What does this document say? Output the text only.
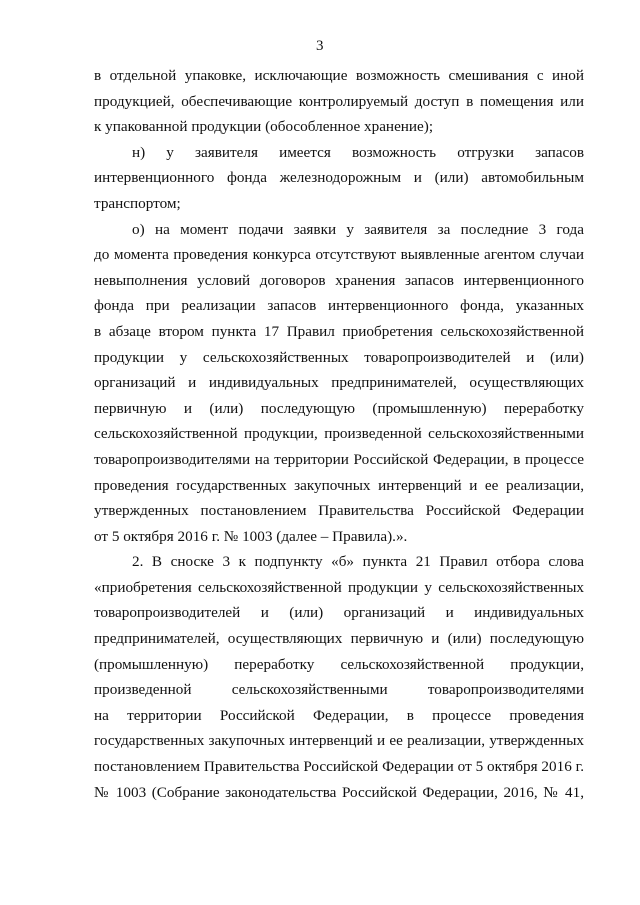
3
в отдельной упаковке, исключающие возможность смешивания с иной
продукцией, обеспечивающие контролируемый доступ в помещения или
к упакованной продукции (обособленное хранение);
н) у заявителя имеется возможность отгрузки запасов
интервенционного фонда железнодорожным и (или) автомобильным
транспортом;
о) на момент подачи заявки у заявителя за последние 3 года
до момента проведения конкурса отсутствуют выявленные агентом случаи
невыполнения условий договоров хранения запасов интервенционного
фонда при реализации запасов интервенционного фонда, указанных
в абзаце втором пункта 17 Правил приобретения сельскохозяйственной
продукции у сельскохозяйственных товаропроизводителей и (или)
организаций и индивидуальных предпринимателей, осуществляющих
первичную и (или) последующую (промышленную) переработку
сельскохозяйственной продукции, произведенной сельскохозяйственными
товаропроизводителями на территории Российской Федерации, в процессе
проведения государственных закупочных интервенций и ее реализации,
утвержденных постановлением Правительства Российской Федерации
от 5 октября 2016 г. № 1003 (далее – Правила).».
2. В сноске 3 к подпункту «б» пункта 21 Правил отбора слова
«приобретения сельскохозяйственной продукции у сельскохозяйственных
товаропроизводителей и (или) организаций и индивидуальных
предпринимателей, осуществляющих первичную и (или) последующую
(промышленную) переработку сельскохозяйственной продукции,
произведенной сельскохозяйственными товаропроизводителями
на территории Российской Федерации, в процессе проведения
государственных закупочных интервенций и ее реализации, утвержденных
постановлением Правительства Российской Федерации от 5 октября 2016 г.
№ 1003 (Собрание законодательства Российской Федерации, 2016, № 41,
